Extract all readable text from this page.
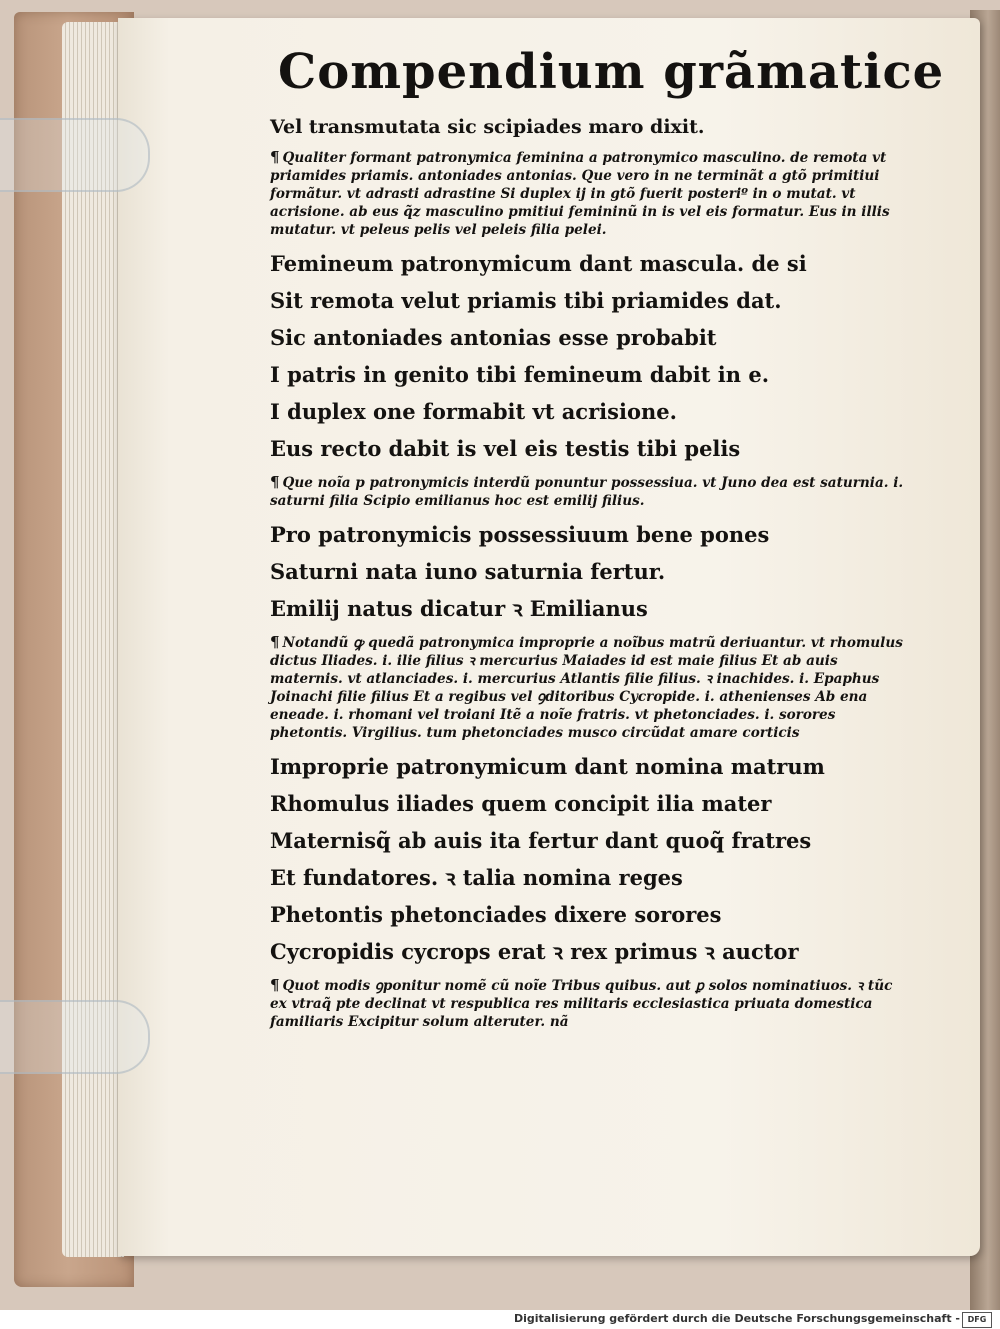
Compendium grãmatice
Vel transmutata sic scipiades maro dixit.
¶ Qualiter formant patronymica feminina a patronymico masculino. de remota vt priamides priamis. antoniades antonias. Que vero in ne terminãt a gtõ primitiui formãtur. vt adrasti adrastine Si duplex ij in gtõ fuerit posteriº in o mutat. vt acrisione. ab eus q̃z masculino pmitiui femininũ in is vel eis formatur. Eus in illis mutatur. vt peleus pelis vel peleis filia pelei.
Femineum patronymicum dant mascula. de si
Sit remota velut priamis tibi priamides dat.
Sic antoniades antonias esse probabit
I patris in genito tibi femineum dabit in e.
I duplex one formabit vt acrisione.
Eus recto dabit is vel eis testis tibi pelis
¶ Que noĩa p patronymicis interdũ ponuntur possessiua. vt Juno dea est saturnia. i. saturni filia Scipio emilianus hoc est emilij filius.
Pro patronymicis possessiuum bene pones
Saturni nata iuno saturnia fertur.
Emilij natus dicatur ꝛ Emilianus
¶ Notandũ ꝙ quedã patronymica improprie a noĩbus matrũ deriuantur. vt rhomulus dictus Iliades. i. ilie filius ꝛ mercurius Maiades id est maie filius Et ab auis maternis. vt atlanciades. i. mercurius Atlantis filie filius. ꝛ inachides. i. Epaphus Joinachi filie filius Et a regibus vel ꝯditoribus Cycropide. i. athenienses Ab ena eneade. i. rhomani vel troiani Itẽ a noĩe fratris. vt phetonciades. i. sorores phetontis. Virgilius. tum phetonciades musco circũdat amare corticis
Improprie patronymicum dant nomina matrum
Rhomulus iliades quem concipit ilia mater
Maternisq̃ ab auis ita fertur dant quoq̃ fratres
Et fundatores. ꝛ talia nomina reges
Phetontis phetonciades dixere sorores
Cycropidis cycrops erat ꝛ rex primus ꝛ auctor
¶ Quot modis ꝯponitur nomẽ cũ noĩe Tribus quibus. aut ꝑ solos nominatiuos. ꝛ tũc ex vtraq̃ pte declinat vt respublica res militaris ecclesiastica priuata domestica familiaris Excipitur solum alteruter. nã
Digitalisierung gefördert durch die Deutsche Forschungsgemeinschaft - DFG
